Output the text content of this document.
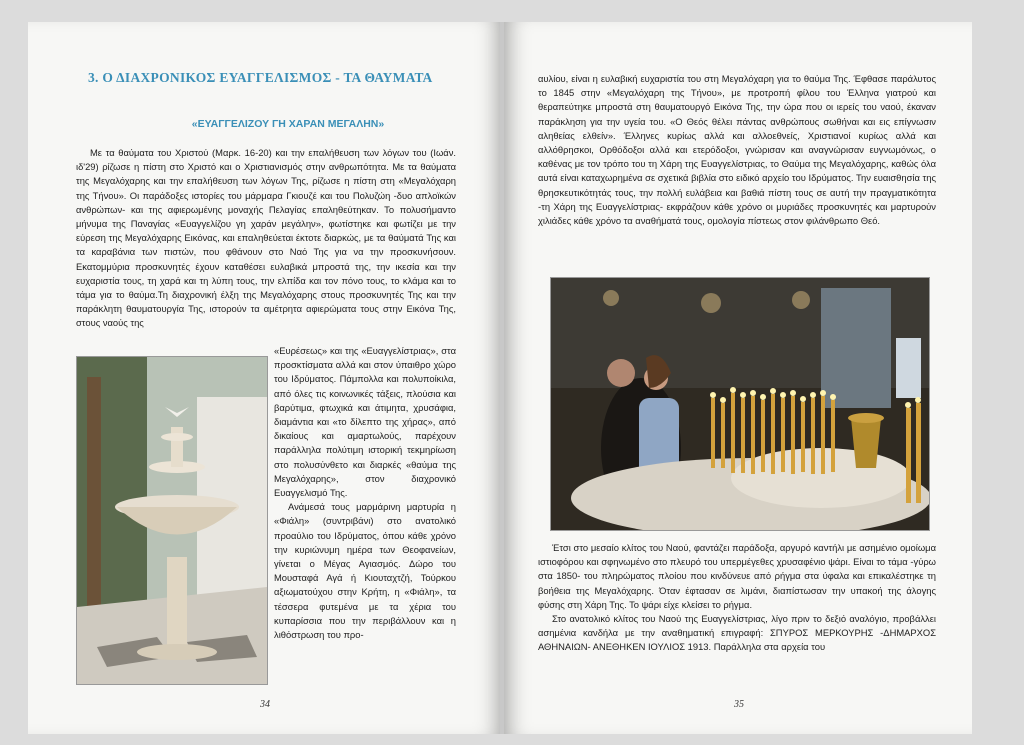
3. Ο ΔΙΑΧΡΟΝΙΚΟΣ ΕΥΑΓΓΕΛΙΣΜΟΣ - ΤΑ ΘΑΥΜΑΤΑ
«ΕΥΑΓΓΕΛΙΖΟΥ ΓΗ ΧΑΡΑΝ ΜΕΓΑΛΗΝ»

Με τα θαύματα του Χριστού (Μαρκ. 16-20) και την επαλήθευση των λόγων του (Ιωάν. ιδ'29) ρίζωσε η πίστη στο Χριστό και ο Χριστιανισμός στην ανθρωπότητα. Με τα θαύματα της Μεγαλόχαρης και την επαλήθευση των λόγων Της, ρίζωσε η πίστη στη «Μεγαλόχαρη της Τήνου». Οι παράδοξες ιστορίες του μάρμαρα Γκιουζέ και του Πολυζώη -δυο απλοϊκών ανθρώπων- και της αφιερωμένης μοναχής Πελαγίας επαληθεύτηκαν. Το πολυσήμαντο μήνυμα της Παναγίας «Ευαγγελίζου γη χαράν μεγάλην», φωτίστηκε και φωτίζει με την εύρεση της Μεγαλόχαρης Εικόνας, και επαληθεύεται έκτοτε διαρκώς, με τα θαύματά Της και τα καραβάνια των πιστών, που φθάνουν στο Ναό Της για να την προσκυνήσουν. Εκατομμύρια προσκυνητές έχουν καταθέσει ευλαβικά μπροστά της, την ικεσία και την ευχαριστία τους, τη χαρά και τη λύπη τους, την ελπίδα και τον πόνο τους, το κλάμα και το τάμα για το θαύμα.Τη διαχρονική έλξη της Μεγαλόχαρης στους προσκυνητές Της και την παράκλητη θαυματουργία Της, ιστορούν τα αμέτρητα αφιερώματα τους στην Εικόνα Της, στους ναούς της

«Ευρέσεως» και της «Ευαγγελίστριας», στα προσκτίσματα αλλά και στον ύπαιθρο χώρο του Ιδρύματος. Πάμπολλα και πολυποίκιλα, από όλες τις κοινωνικές τάξεις, πλούσια και βαρύτιμα, φτωχικά και άτιμητα, χρυσάφια, διαμάντια και «το δίλεπτο της χήρας», από δικαίους και αμαρτωλούς, παρέχουν παράλληλα πολύτιμη ιστορική τεκμηρίωση στο πολυσύνθετο και διαρκές «θαύμα της Μεγαλόχαρης», στον διαχρονικό Ευαγγελισμό Της.

Ανάμεσά τους μαρμάρινη μαρτυρία η «Φιάλη» (συντριβάνι) στο ανατολικό προαύλιο του Ιδρύματος, όπου κάθε χρόνο την κυριώνυμη ημέρα των Θεοφανείων, γίνεται ο Μέγας Αγιασμός. Δώρο του Μουσταφά Αγά ή Κιουταχτζή, Τούρκου αξιωματούχου στην Κρήτη, η «Φιάλη», τα τέσσερα φυτεμένα με τα χέρια του κυπαρίσσια που την περιβάλλουν και η λιθόστρωση του προ-

34

αυλίου, είναι η ευλαβική ευχαριστία του στη Μεγαλόχαρη για το θαύμα Της. Έφθασε παράλυτος το 1845 στην «Μεγαλόχαρη της Τήνου», με προτροπή φίλου του Έλληνα γιατρού και θεραπεύτηκε μπροστά στη θαυματουργό Εικόνα Της, την ώρα που οι ιερείς του ναού, έκαναν παράκληση για την υγεία του. «Ο Θεός θέλει πάντας ανθρώπους σωθήναι και εις επίγνωσιν αληθείας ελθείν». Έλληνες κυρίως αλλά και αλλοεθνείς, Χριστιανοί κυρίως αλλά και αλλόθρησκοι, Ορθόδοξοι αλλά και ετερόδοξοι, γνώρισαν και αναγνώρισαν ευγνωμόνως, ο καθένας με τον τρόπο του τη Χάρη της Ευαγγελίστριας, το Θαύμα της Μεγαλόχαρης, καθώς όλα αυτά είναι καταχωρημένα σε σχετικά βιβλία στο ειδικό αρχείο του Ιδρύματος. Την ευαισθησία της θρησκευτικότητάς τους, την πολλή ευλάβεια και βαθιά πίστη τους σε αυτή την πραγματικότητα -τη Χάρη της Ευαγγελίστριας- εκφράζουν κάθε χρόνο οι μυριάδες προσκυνητές και μαρτυρούν χιλιάδες κάθε χρόνο τα αναθήματά τους, ομολογία πίστεως στον φιλάνθρωπο Θεό.

Έτσι στο μεσαίο κλίτος του Ναού, φαντάζει παράδοξα, αργυρό καντήλι με ασημένιο ομοίωμα ιστιοφόρου και σφηνωμένο στο πλευρό του υπερμέγεθες χρυσαφένιο ψάρι. Είναι το τάμα -γύρω στα 1850- του πληρώματος πλοίου που κινδύνευε από ρήγμα στα ύφαλα και επικαλέστηκε τη βοήθεια της Μεγαλόχαρης. Όταν έφτασαν σε λιμάνι, διαπίστωσαν την υπακοή της άλογης φύσης στη Χάρη Της. Το ψάρι είχε κλείσει το ρήγμα.

Στο ανατολικό κλίτος του Ναού της Ευαγγελίστριας, λίγο πριν το δεξιό αναλόγιο, προβάλλει ασημένια κανδήλα με την αναθηματική επιγραφή: ΣΠΥΡΟΣ ΜΕΡΚΟΥΡΗΣ -ΔΗΜΑΡΧΟΣ ΑΘΗΝΑΙΩΝ- ΑΝΕΘΗΚΕΝ ΙΟΥΛΙΟΣ 1913. Παράλληλα στα αρχεία του

35
